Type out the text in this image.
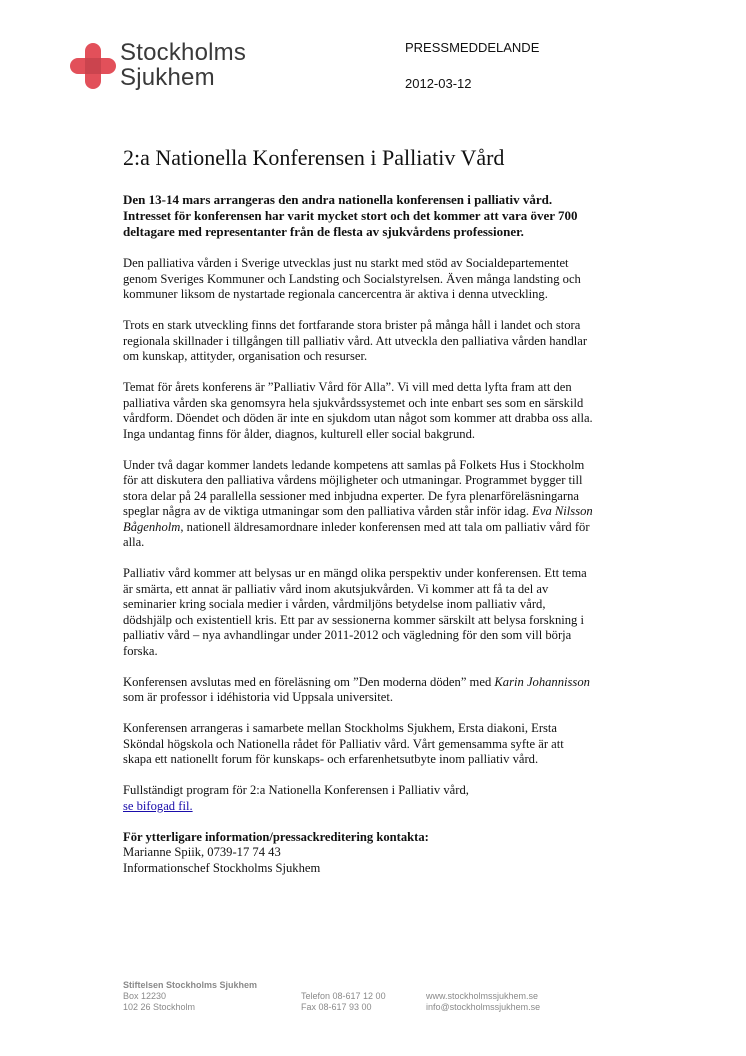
Stockholms
Sjukhem
PRESSMEDDELANDE
2012-03-12
2:a Nationella Konferensen i Palliativ Vård

Den 13-14 mars arrangeras den andra nationella konferensen i palliativ vård. Intresset för konferensen har varit mycket stort och det kommer att vara över 700 deltagare med representanter från de flesta av sjukvårdens professioner.

Den palliativa vården i Sverige utvecklas just nu starkt med stöd av Socialdepartementet genom Sveriges Kommuner och Landsting och Socialstyrelsen. Även många landsting och kommuner liksom de nystartade regionala cancercentra är aktiva i denna utveckling.

Trots en stark utveckling finns det fortfarande stora brister på många håll i landet och stora regionala skillnader i tillgången till palliativ vård. Att utveckla den palliativa vården handlar om kunskap, attityder, organisation och resurser.

Temat för årets konferens är ”Palliativ Vård för Alla”. Vi vill med detta lyfta fram att den palliativa vården ska genomsyra hela sjukvårdssystemet och inte enbart ses som en särskild vårdform. Döendet och döden är inte en sjukdom utan något som kommer att drabba oss alla. Inga undantag finns för ålder, diagnos, kulturell eller social bakgrund.

Under två dagar kommer landets ledande kompetens att samlas på Folkets Hus i Stockholm för att diskutera den palliativa vårdens möjligheter och utmaningar. Programmet bygger till stora delar på 24 parallella sessioner med inbjudna experter. De fyra plenarföreläsningarna speglar några av de viktiga utmaningar som den palliativa vården står inför idag. Eva Nilsson Bågenholm, nationell äldresamordnare inleder konferensen med att tala om palliativ vård för alla.

Palliativ vård kommer att belysas ur en mängd olika perspektiv under konferensen. Ett tema är smärta, ett annat är palliativ vård inom akutsjukvården. Vi kommer att få ta del av seminarier kring sociala medier i vården, vårdmiljöns betydelse inom palliativ vård, dödshjälp och existentiell kris. Ett par av sessionerna kommer särskilt att belysa forskning i palliativ vård – nya avhandlingar under 2011-2012 och vägledning för den som vill börja forska.

Konferensen avslutas med en föreläsning om ”Den moderna döden” med Karin Johannisson som är professor i idéhistoria vid Uppsala universitet.

Konferensen arrangeras i samarbete mellan Stockholms Sjukhem, Ersta diakoni, Ersta Sköndal högskola och Nationella rådet för Palliativ vård. Vårt gemensamma syfte är att skapa ett nationellt forum för kunskaps- och erfarenhetsutbyte inom palliativ vård.

Fullständigt program för 2:a Nationella Konferensen i Palliativ vård,
se bifogad fil.

För ytterligare information/pressackreditering kontakta:

Marianne Spiik, 0739-17 74 43

Informationschef Stockholms Sjukhem

Stiftelsen Stockholms Sjukhem
Box 12230
102 26 Stockholm
Telefon 08-617 12 00
Fax 08-617 93 00
www.stockholmssjukhem.se
info@stockholmssjukhem.se
